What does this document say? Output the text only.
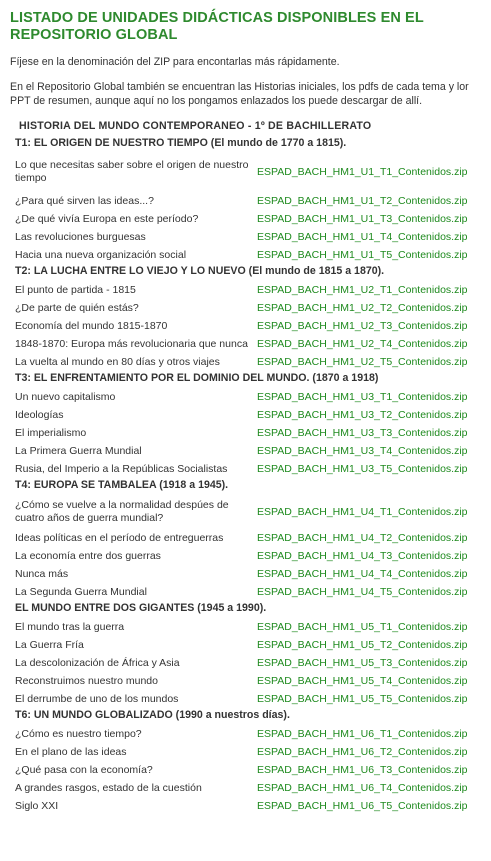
LISTADO DE UNIDADES DIDÁCTICAS DISPONIBLES EN EL REPOSITORIO GLOBAL

Fíjese en la denominación del ZIP para encontarlas más rápidamente.

En el Repositorio Global también se encuentran las Historias iniciales, los pdfs de cada tema y lor PPT de resumen, aunque aquí no los pongamos enlazados los puede descargar de allí.

HISTORIA DEL MUNDO CONTEMPORANEO - 1º DE BACHILLERATO
T1: EL ORIGEN DE NUESTRO TIEMPO (El mundo de 1770 a 1815).
Lo que necesitas saber sobre el origen de nuestro tiempo
ESPAD_BACH_HM1_U1_T1_Contenidos.zip
¿Para qué sirven las ideas...?	ESPAD_BACH_HM1_U1_T2_Contenidos.zip
¿De qué vivía Europa en este período?	ESPAD_BACH_HM1_U1_T3_Contenidos.zip
Las revoluciones burguesas	ESPAD_BACH_HM1_U1_T4_Contenidos.zip
Hacia una nueva organización social	ESPAD_BACH_HM1_U1_T5_Contenidos.zip
T2: LA LUCHA ENTRE LO VIEJO Y LO NUEVO (El mundo de 1815 a 1870).
El punto de partida - 1815	ESPAD_BACH_HM1_U2_T1_Contenidos.zip
¿De parte de quién estás?	ESPAD_BACH_HM1_U2_T2_Contenidos.zip
Economía del mundo 1815-1870	ESPAD_BACH_HM1_U2_T3_Contenidos.zip
1848-1870: Europa más revolucionaria que nunca ESPAD_BACH_HM1_U2_T4_Contenidos.zip
La vuelta al mundo en 80 días y otros viajes	ESPAD_BACH_HM1_U2_T5_Contenidos.zip
T3: EL ENFRENTAMIENTO POR EL DOMINIO DEL MUNDO. (1870 a 1918)
Un nuevo capitalismo	ESPAD_BACH_HM1_U3_T1_Contenidos.zip
Ideologías	ESPAD_BACH_HM1_U3_T2_Contenidos.zip
El imperialismo	ESPAD_BACH_HM1_U3_T3_Contenidos.zip
La Primera Guerra Mundial	ESPAD_BACH_HM1_U3_T4_Contenidos.zip
Rusia, del Imperio a la Repúblicas Socialistas	ESPAD_BACH_HM1_U3_T5_Contenidos.zip
T4: EUROPA SE TAMBALEA (1918 a 1945).
¿Cómo se vuelve a la normalidad despúes de cuatro años de guerra mundial?
ESPAD_BACH_HM1_U4_T1_Contenidos.zip
Ideas políticas en el período de entreguerras	ESPAD_BACH_HM1_U4_T2_Contenidos.zip
La economía entre dos guerras	ESPAD_BACH_HM1_U4_T3_Contenidos.zip
Nunca más	ESPAD_BACH_HM1_U4_T4_Contenidos.zip
La Segunda Guerra Mundial	ESPAD_BACH_HM1_U4_T5_Contenidos.zip
EL MUNDO ENTRE DOS GIGANTES (1945 a 1990).
El mundo tras la guerra	ESPAD_BACH_HM1_U5_T1_Contenidos.zip
La Guerra Fría	ESPAD_BACH_HM1_U5_T2_Contenidos.zip
La descolonización de África y Asia	ESPAD_BACH_HM1_U5_T3_Contenidos.zip
Reconstruimos nuestro mundo	ESPAD_BACH_HM1_U5_T4_Contenidos.zip
El derrumbe de uno de los mundos	ESPAD_BACH_HM1_U5_T5_Contenidos.zip
T6: UN MUNDO GLOBALIZADO (1990 a nuestros días).
¿Cómo es nuestro tiempo?	ESPAD_BACH_HM1_U6_T1_Contenidos.zip
En el plano de las ideas	ESPAD_BACH_HM1_U6_T2_Contenidos.zip
¿Qué pasa con la economía?	ESPAD_BACH_HM1_U6_T3_Contenidos.zip
A grandes rasgos, estado de la cuestión	ESPAD_BACH_HM1_U6_T4_Contenidos.zip
Siglo XXI	ESPAD_BACH_HM1_U6_T5_Contenidos.zip
